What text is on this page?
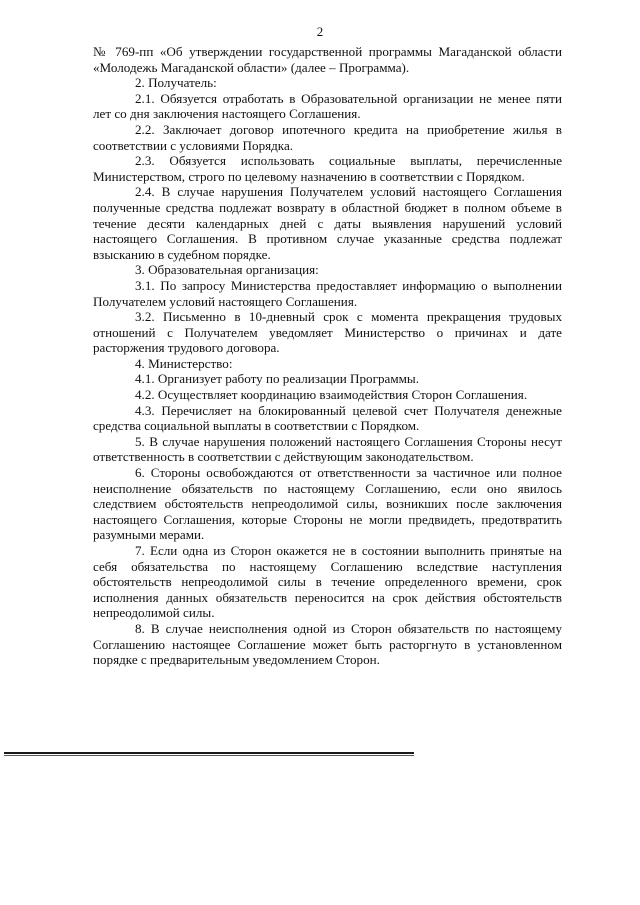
2

№ 769-пп «Об утверждении государственной программы Магаданской области «Молодежь Магаданской области» (далее – Программа).

2. Получатель:

2.1. Обязуется отработать в Образовательной организации не менее пяти лет со дня заключения настоящего Соглашения.

2.2. Заключает договор ипотечного кредита на приобретение жилья в соответствии с условиями Порядка.

2.3. Обязуется использовать социальные выплаты, перечисленные Министерством, строго по целевому назначению в соответствии с Порядком.

2.4. В случае нарушения Получателем условий настоящего Соглашения полученные средства подлежат возврату в областной бюджет в полном объеме в течение десяти календарных дней с даты выявления нарушений условий настоящего Соглашения. В противном случае указанные средства подлежат взысканию в судебном порядке.

3. Образовательная организация:

3.1. По запросу Министерства предоставляет информацию о выполнении Получателем условий настоящего Соглашения.

3.2. Письменно в 10-дневный срок с момента прекращения трудовых отношений с Получателем уведомляет Министерство о причинах и дате расторжения трудового договора.

4. Министерство:

4.1. Организует работу по реализации Программы.

4.2. Осуществляет координацию взаимодействия Сторон Соглашения.

4.3. Перечисляет на блокированный целевой счет Получателя денежные средства социальной выплаты в соответствии с Порядком.

5. В случае нарушения положений настоящего Соглашения Стороны несут ответственность в соответствии с действующим законодательством.

6. Стороны освобождаются от ответственности за частичное или полное неисполнение обязательств по настоящему Соглашению, если оно явилось следствием обстоятельств непреодолимой силы, возникших после заключения настоящего Соглашения, которые Стороны не могли предвидеть, предотвратить разумными мерами.

7. Если одна из Сторон окажется не в состоянии выполнить принятые на себя обязательства по настоящему Соглашению вследствие наступления обстоятельств непреодолимой силы в течение определенного времени, срок исполнения данных обязательств переносится на срок действия обстоятельств непреодолимой силы.

8. В случае неисполнения одной из Сторон обязательств по настоящему Соглашению настоящее Соглашение может быть расторгнуто в установленном порядке с предварительным уведомлением Сторон.
